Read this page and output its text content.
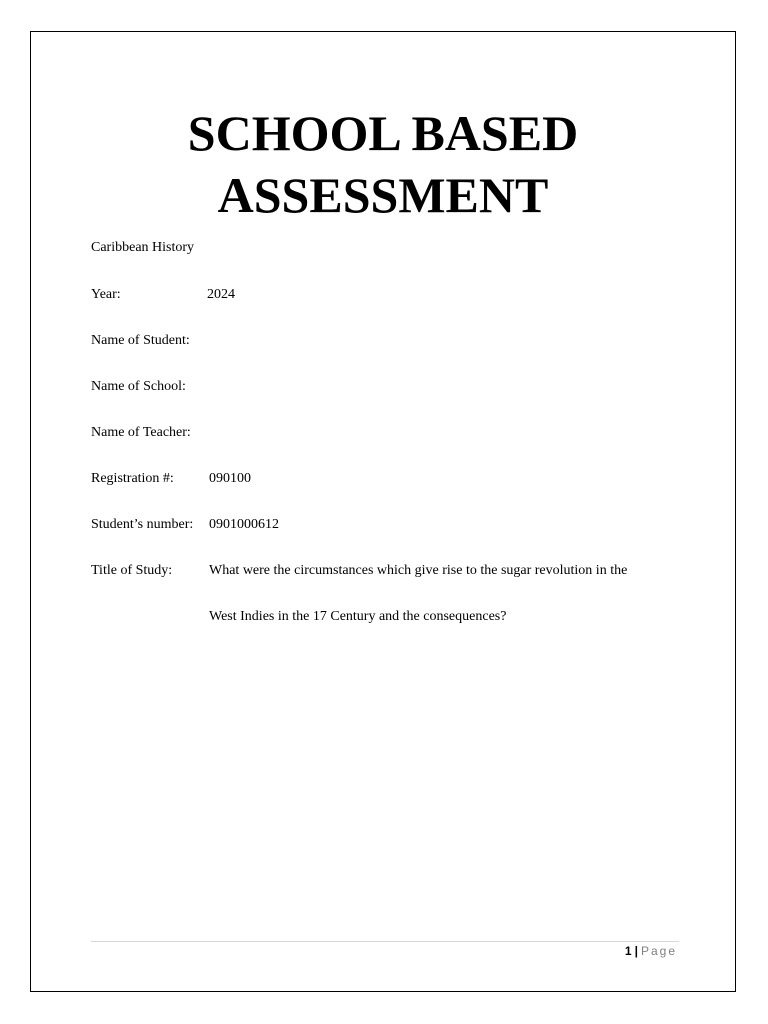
SCHOOL BASED
ASSESSMENT
Caribbean History
Year:	2024
Name of Student:
Name of School:
Name of Teacher:
Registration #:	090100
Student’s number: 0901000612
Title of Study:	What were the circumstances which give rise to the sugar revolution in the
West Indies in the 17 Century and the consequences?
1 | Page
